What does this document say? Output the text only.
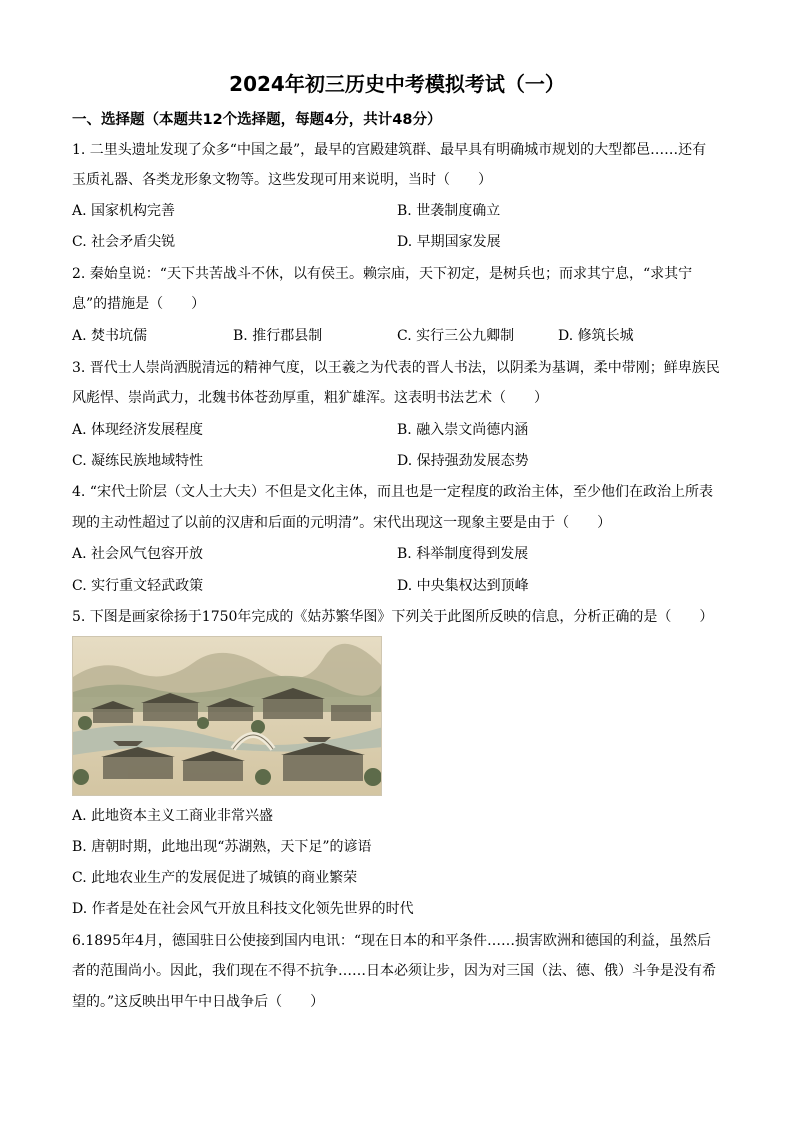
2024年初三历史中考模拟考试（一）
一、选择题（本题共12个选择题，每题4分，共计48分）
1. 二里头遗址发现了众多“中国之最”，最早的宫殿建筑群、最早具有明确城市规划的大型都邑……还有
玉质礼器、各类龙形象文物等。这些发现可用来说明，当时（　　）
A. 国家机构完善	B. 世袭制度确立
C. 社会矛盾尖锐	D. 早期国家发展
2. 秦始皇说：“天下共苦战斗不休，以有侯王。赖宗庙，天下初定，是树兵也；而求其宁息，“求其宁
息”的措施是（　　）
A. 焚书坑儒	B. 推行郡县制	C. 实行三公九卿制	D. 修筑长城
3. 晋代士人崇尚洒脱清远的精神气度，以王羲之为代表的晋人书法，以阴柔为基调，柔中带刚；鲜卑族民
风彪悍、崇尚武力，北魏书体苍劲厚重，粗犷雄浑。这表明书法艺术（　　）
A. 体现经济发展程度	B. 融入崇文尚德内涵
C. 凝练民族地域特性	D. 保持强劲发展态势
4. “宋代士阶层（文人士大夫）不但是文化主体，而且也是一定程度的政治主体，至少他们在政治上所表
现的主动性超过了以前的汉唐和后面的元明清”。宋代出现这一现象主要是由于（　　）
A. 社会风气包容开放	B. 科举制度得到发展
C. 实行重文轻武政策	D. 中央集权达到顶峰
5. 下图是画家徐扬于1750年完成的《姑苏繁华图》下列关于此图所反映的信息，分析正确的是（　　）
A. 此地资本主义工商业非常兴盛
B. 唐朝时期，此地出现“苏湖熟，天下足”的谚语
C. 此地农业生产的发展促进了城镇的商业繁荣
D. 作者是处在社会风气开放且科技文化领先世界的时代
6.1895年4月，德国驻日公使接到国内电讯：“现在日本的和平条件……损害欧洲和德国的利益，虽然后
者的范围尚小。因此，我们现在不得不抗争……日本必须让步，因为对三国（法、德、俄）斗争是没有希
望的。”这反映出甲午中日战争后（　　）
